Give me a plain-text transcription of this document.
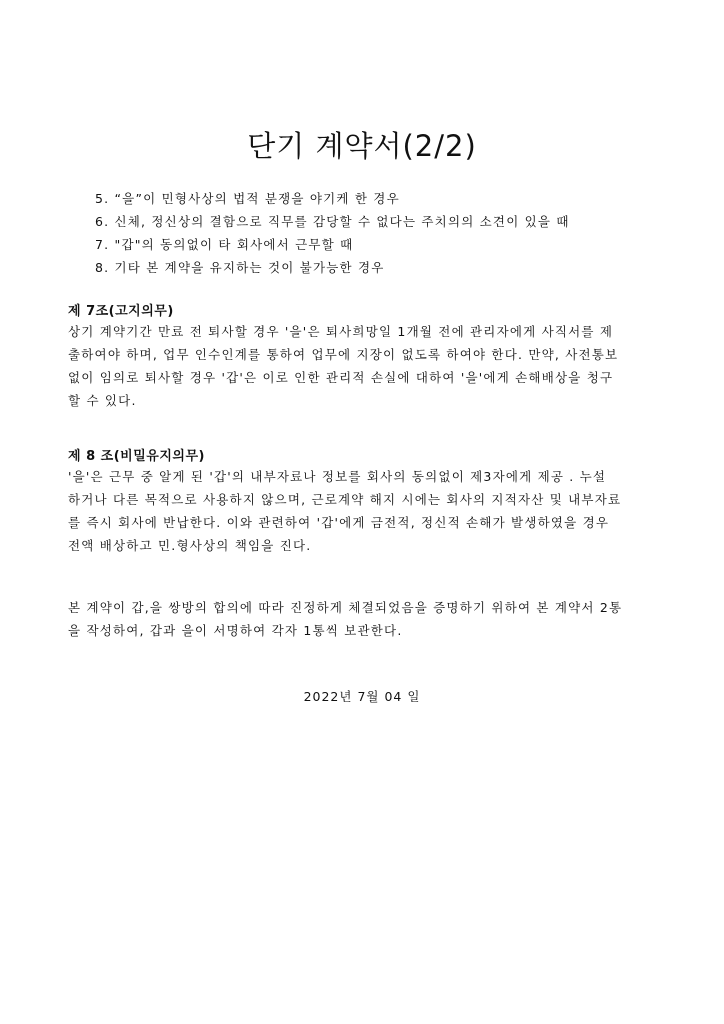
단기 계약서(2/2)
5. “을”이 민형사상의 법적 분쟁을 야기케 한 경우
6. 신체, 정신상의 결함으로 직무를 감당할 수 없다는 주치의의 소견이 있을 때
7. "갑"의 동의없이 타 회사에서 근무할 때
8. 기타 본 계약을 유지하는 것이 불가능한 경우
제 7조(고지의무)

상기 계약기간 만료 전 퇴사할 경우 '을'은 퇴사희망일 1개월 전에 관리자에게 사직서를 제
출하여야 하며, 업무 인수인계를 통하여 업무에 지장이 없도록 하여야 한다. 만약, 사전통보
없이 임의로 퇴사할 경우 '갑'은 이로 인한 관리적 손실에 대하여 '을'에게 손해배상을 청구
할 수 있다.

제 8 조(비밀유지의무)

'을'은 근무 중 알게 된 '갑'의 내부자료나 정보를 회사의 동의없이 제3자에게 제공 . 누설
하거나 다른 목적으로 사용하지 않으며, 근로계약 해지 시에는 회사의 지적자산 및 내부자료
를 즉시 회사에 반납한다. 이와 관련하여 '갑'에게 금전적, 정신적 손해가 발생하였을 경우
전액 배상하고 민.형사상의 책임을 진다.

본 계약이 갑,을 쌍방의 합의에 따라 진정하게 체결되었음을 증명하기 위하여 본 계약서 2통
을 작성하여, 갑과 을이 서명하여 각자 1통씩 보관한다.

2022년 7월 04 일
